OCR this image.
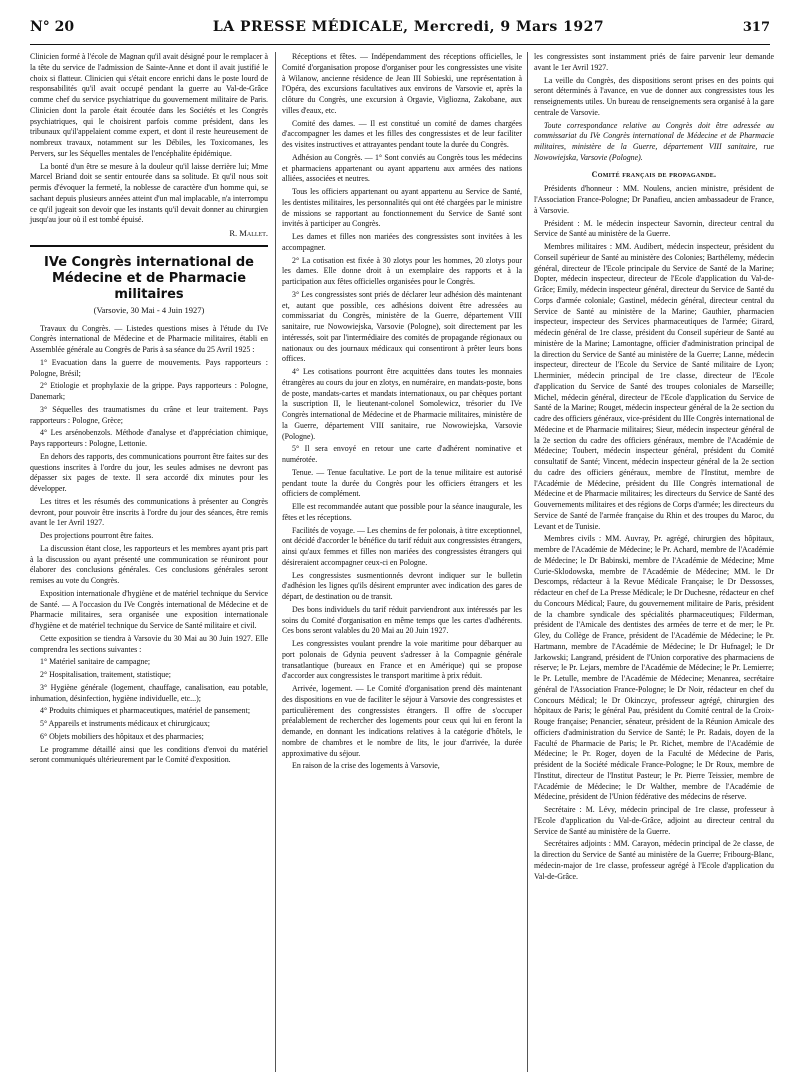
N° 20	LA PRESSE MÉDICALE, Mercredi, 9 Mars 1927	317

Clinicien formé à l'école de Magnan qu'il avait désigné pour le remplacer à la tête du service de l'admission de Sainte-Anne et dont il avait justifié le choix si flatteur. Clinicien qui s'était encore enrichi dans le poste lourd de responsabilités qu'il avait occupé pendant la guerre au Val-de-Grâce comme chef du service psychiatrique du gouvernement militaire de Paris. Clinicien dont la parole était écoutée dans les Sociétés et les Congrès psychiatriques, qui le choisirent parfois comme président, dans les tribunaux qu'il'appelaient comme expert, et dont il reste heureusement de nombreux travaux, notamment sur les Débiles, les Toxicomanes, les Pervers, sur les Séquelles mentales de l'encéphalite épidémique.

La bonté d'un être se mesure à la douleur qu'il laisse derrière lui; Mme Marcel Briand doit se sentir entourée dans sa solitude. Et qu'il nous soit permis d'évoquer la fermeté, la noblesse de caractère d'un homme qui, se sachant depuis plusieurs années atteint d'un mal implacable, n'a interrompu ce qu'il jugeait son devoir que les instants qu'il devait donner au chirurgien jusqu'au jour où il est tombé épuisé.

R. Mallet.
IVe Congrès international de Médecine et de Pharmacie militaires
(Varsovie, 30 Mai - 4 Juin 1927)

Travaux du Congrès. — Listedes questions mises à l'étude du IVe Congrès international de Médecine et de Pharmacie militaires, établi en Assemblée générale au Congrès de Paris à sa séance du 25 Avril 1925 :

1° Evacuation dans la guerre de mouvements. Pays rapporteurs : Pologne, Brésil;

2° Etiologie et prophylaxie de la grippe. Pays rapporteurs : Pologne, Danemark;

3° Séquelles des traumatismes du crâne et leur traitement. Pays rapporteurs : Pologne, Grèce;

4° Les arsénobenzols. Méthode d'analyse et d'appréciation chimique, Pays rapporteurs : Pologne, Lettonie.

En dehors des rapports, des communications pourront être faites sur des questions inscrites à l'ordre du jour, les seules admises ne devront pas dépasser six pages de texte. Il sera accordé dix minutes pour les développer.

Les titres et les résumés des communications à présenter au Congrès devront, pour pouvoir être inscrits à l'ordre du jour des séances, être remis avant le 1er Avril 1927.

Des projections pourront être faites.

La discussion étant close, les rapporteurs et les membres ayant pris part à la discussion ou ayant présenté une communication se réuniront pour élaborer des conclusions générales. Ces conclusions générales seront remises au vote du Congrès.

Exposition internationale d'hygiène et de matériel technique du Service de Santé. — A l'occasion du IVe Congrès international de Médecine et de Pharmacie militaires, sera organisée une exposition internationale d'hygiène et de matériel technique du Service de Santé militaire et civil.

Cette exposition se tiendra à Varsovie du 30 Mai au 30 Juin 1927. Elle comprendra les sections suivantes :

1° Matériel sanitaire de campagne;

2° Hospitalisation, traitement, statistique;

3° Hygiène générale (logement, chauffage, canalisation, eau potable, inhumation, désinfection, hygiène individuelle, etc...);

4° Produits chimiques et pharmaceutiques, matériel de pansement;

5° Appareils et instruments médicaux et chirurgicaux;

6° Objets mobiliers des hôpitaux et des pharmacies;

Le programme détaillé ainsi que les conditions d'envoi du matériel seront communiqués ultérieurement par le Comité d'exposition.

Réceptions et fêtes. — Indépendamment des réceptions officielles, le Comité d'organisation propose d'organiser pour les congressistes une visite à Wilanow, ancienne résidence de Jean III Sobieski, une représentation à l'Opéra, des excursions facultatives aux environs de Varsovie et, après la clôture du Congrès, une excursion à Orgavie, Vigliozna, Zakobane, aux villes d'eaux, etc.

Comité des dames. — Il est constitué un comité de dames chargées d'accompagner les dames et les filles des congressistes et de leur faciliter des visites instructives et attrayantes pendant toute la durée du Congrès.

Adhésion au Congrès. — 1° Sont conviés au Congrès tous les médecins et pharmaciens appartenant ou ayant appartenu aux armées des nations alliées, associées et neutres.

Tous les officiers appartenant ou ayant appartenu au Service de Santé, les dentistes militaires, les personnalités qui ont été chargées par le ministre de missions se rapportant au fonctionnement du Service de Santé sont invités à participer au Congrès.

Les dames et filles non mariées des congressistes sont invitées à les accompagner.

2° La cotisation est fixée à 30 zlotys pour les hommes, 20 zlotys pour les dames. Elle donne droit à un exemplaire des rapports et à la participation aux fêtes officielles organisées pour le Congrès.

3° Les congressistes sont priés de déclarer leur adhésion dès maintenant et, autant que possible, ces adhésions doivent être adressées au commissariat du Congrès, ministère de la Guerre, département VIII sanitaire, rue Nowowiejska, Varsovie (Pologne), soit directement par les intéressés, soit par l'intermédiaire des comités de propagande régionaux ou nationaux ou des journaux médicaux qui consentiront à prêter leurs bons offices.

4° Les cotisations pourront être acquittées dans toutes les monnaies étrangères au cours du jour en zlotys, en numéraire, en mandats-poste, bons de poste, mandats-cartes et mandats internationaux, ou par chèques portant la suscription II, le lieutenant-colonel Somolewicz, trésorier du IVe Congrès international de Médecine et de Pharmacie militaires, ministère de la Guerre, département VIII sanitaire, rue Nowowiejska, Varsovie (Pologne).

5° Il sera envoyé en retour une carte d'adhérent nominative et numérotée.

Tenue. — Tenue facultative. Le port de la tenue militaire est autorisé pendant toute la durée du Congrès pour les officiers étrangers et les officiers de complément.

Elle est recommandée autant que possible pour la séance inaugurale, les fêtes et les réceptions.

Facilités de voyage. — Les chemins de fer polonais, à titre exceptionnel, ont décidé d'accorder le bénéfice du tarif réduit aux congressistes étrangers, ainsi qu'aux femmes et filles non mariées des congressistes étrangers qui désireraient accompagner ceux-ci en Pologne.

Les congressistes susmentionnés devront indiquer sur le bulletin d'adhésion les lignes qu'ils désirent emprunter avec indication des gares de départ, de destination ou de transit.

Des bons individuels du tarif réduit parviendront aux intéressés par les soins du Comité d'organisation en même temps que les cartes d'adhérents. Ces bons seront valables du 20 Mai au 20 Juin 1927.

Les congressistes voulant prendre la voie maritime pour débarquer au port polonais de Gdynia peuvent s'adresser à la Compagnie générale transatlantique (bureaux en France et en Amérique) qui se propose d'accorder aux congressistes le transport maritime à prix réduit.

Arrivée, logement. — Le Comité d'organisation prend dès maintenant des dispositions en vue de faciliter le séjour à Varsovie des congressistes et particulièrement des congressistes étrangers. Il offre de s'occuper préalablement de rechercher des logements pour ceux qui lui en feront la demande, en donnant les indications relatives à la catégorie d'hôtels, le nombre de chambres et le nombre de lits, le jour d'arrivée, la durée approximative du séjour.

En raison de la crise des logements à Varsovie,

les congressistes sont instamment priés de faire parvenir leur demande avant le 1er Avril 1927.

La veille du Congrès, des dispositions seront prises en des points qui seront déterminés à l'avance, en vue de donner aux congressistes tous les renseignements utiles. Un bureau de renseignements sera organisé à la gare centrale de Varsovie.

Toute correspondance relative au Congrès doit être adressée au commissariat du IVe Congrès international de Médecine et de Pharmacie militaires, ministère de la Guerre, département VIII sanitaire, rue Nowowiejska, Varsovie (Pologne).

Comité français de propagande.

Présidents d'honneur : MM. Noulens, ancien ministre, président de l'Association France-Pologne; Dr Panafieu, ancien ambassadeur de France, à Varsovie.

Président : M. le médecin inspecteur Savornin, directeur central du Service de Santé au ministère de la Guerre.

Membres militaires : MM. Audibert, médecin inspecteur, président du Conseil supérieur de Santé au ministère des Colonies; Barthélemy, médecin général, directeur de l'Ecole principale du Service de Santé de la Marine; Dopter, médecin inspecteur, directeur de l'Ecole d'application du Val-de-Grâce; Emily, médecin inspecteur général, directeur du Service de Santé du Corps d'armée coloniale; Gastinel, médecin général, directeur central du Service de Santé au ministère de la Marine; Gauthier, pharmacien inspecteur, inspecteur des Services pharmaceutiques de l'armée; Girard, médecin général de 1re classe, président du Conseil supérieur de Santé au ministère de la Marine; Lamontagne, officier d'administration principal de la direction du Service de Santé au ministère de la Guerre; Lanne, médecin inspecteur, directeur de l'Ecole du Service de Santé militaire de Lyon; Lherminier, médecin principal de 1re classe, directeur de l'Ecole d'application du Service de Santé des troupes coloniales de Marseille; Michel, médecin général, directeur de l'Ecole d'application du Service de Santé de la Marine; Rouget, médecin inspecteur général de la 2e section du cadre des officiers généraux, vice-président du IIIe Congrès international de Médecine et de Pharmacie militaires; Sieur, médecin inspecteur général de la 2e section du cadre des officiers généraux, membre de l'Académie de Médecine; Toubert, médecin inspecteur général, président du Comité consultatif de Santé; Vincent, médecin inspecteur général de la 2e section du cadre des officiers généraux, membre de l'Institut, membre de l'Académie de Médecine, président du IIIe Congrès international de Médecine et de Pharmacie militaires; les directeurs du Service de Santé des Gouvernements militaires et des régions de Corps d'armée; les directeurs du Service de Santé de l'armée française du Rhin et des troupes du Maroc, du Levant et de Tunisie.

Membres civils : MM. Auvray, Pr. agrégé, chirurgien des hôpitaux, membre de l'Académie de Médecine; le Pr. Achard, membre de l'Académie de Médecine; le Dr Babinski, membre de l'Académie de Médecine; Mme Curie-Sklodowska, membre de l'Académie de Médecine; MM. le Dr Descomps, rédacteur à la Revue Médicale Française; le Dr Dessosses, rédacteur en chef de La Presse Médicale; le Dr Duchesne, rédacteur en chef du Concours Médical; Faure, du gouvernement militaire de Paris, président de la chambre syndicale des spécialités pharmaceutiques; Filderman, président de l'Amicale des dentistes des armées de terre et de mer; le Pr. Gley, du Collège de France, président de l'Académie de Médecine; le Pr. Hartmann, membre de l'Académie de Médecine; le Dr Hufnagel; le Dr Jarkowski; Langrand, président de l'Union corporative des pharmaciens de réserve; le Pr. Lejars, membre de l'Académie de Médecine; le Pr. Lemierre; le Pr. Letulle, membre de l'Académie de Médecine; Menanrea, secrétaire général de l'Association France-Pologne; le Dr Noir, rédacteur en chef du Concours Médical; le Dr Okinczyc, professeur agrégé, chirurgien des hôpitaux de Paris; le général Pau, président du Comité central de la Croix-Rouge française; Penancier, sénateur, président de la Réunion Amicale des officiers d'administration du Service de Santé; le Pr. Radais, doyen de la Faculté de Pharmacie de Paris; le Pr. Richet, membre de l'Académie de Médecine; le Pr. Roger, doyen de la Faculté de Médecine de Paris, président de la Société médicale France-Pologne; le Dr Roux, membre de l'Institut, directeur de l'Institut Pasteur; le Pr. Pierre Teissier, membre de l'Académie de Médecine; le Dr Walther, membre de l'Académie de Médecine, président de l'Union fédérative des médecins de réserve.

Secrétaire : M. Lévy, médecin principal de 1re classe, professeur à l'Ecole d'application du Val-de-Grâce, adjoint au directeur central du Service de Santé au ministère de la Guerre.

Secrétaires adjoints : MM. Carayon, médecin principal de 2e classe, de la direction du Service de Santé au ministère de la Guerre; Fribourg-Blanc, médecin-major de 1re classe, professeur agrégé à l'Ecole d'application du Val-de-Grâce.
